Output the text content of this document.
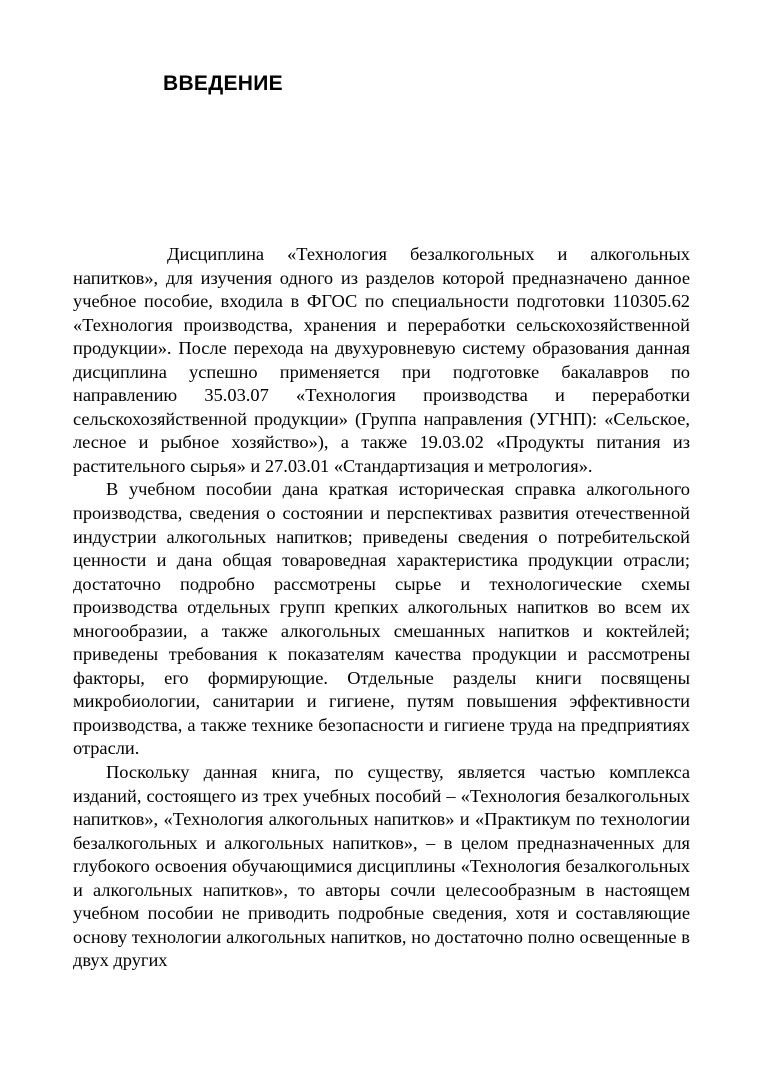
ВВЕДЕНИЕ

Дисциплина «Технология безалкогольных и алкогольных напитков», для изучения одного из разделов которой предназначено данное учебное пособие, входила в ФГОС по специальности подготовки 110305.62 «Технология производства, хранения и переработки сельскохозяйственной продукции». После перехода на двухуровневую систему образования данная дисциплина успешно применяется при подготовке бакалавров по направлению 35.03.07 «Технология производства и переработки сельскохозяйственной продукции» (Группа направления (УГНП): «Сельское, лесное и рыбное хозяйство»), а также 19.03.02 «Продукты питания из растительного сырья» и 27.03.01 «Стандартизация и метрология».

В учебном пособии дана краткая историческая справка алкогольного производства, сведения о состоянии и перспективах развития отечественной индустрии алкогольных напитков; приведены сведения о потребительской ценности и дана общая товароведная характеристика продукции отрасли; достаточно подробно рассмотрены сырье и технологические схемы производства отдельных групп крепких алкогольных напитков во всем их многообразии, а также алкогольных смешанных напитков и коктейлей; приведены требования к показателям качества продукции и рассмотрены факторы, его формирующие. Отдельные разделы книги посвящены микробиологии, санитарии и гигиене, путям повышения эффективности производства, а также технике безопасности и гигиене труда на предприятиях отрасли.

Поскольку данная книга, по существу, является частью комплекса изданий, состоящего из трех учебных пособий – «Технология безалкогольных напитков», «Технология алкогольных напитков» и «Практикум по технологии безалкогольных и алкогольных напитков», – в целом предназначенных для глубокого освоения обучающимися дисциплины «Технология безалкогольных и алкогольных напитков», то авторы сочли целесообразным в настоящем учебном пособии не приводить подробные сведения, хотя и составляющие основу технологии алкогольных напитков, но достаточно полно освещенные в двух других
